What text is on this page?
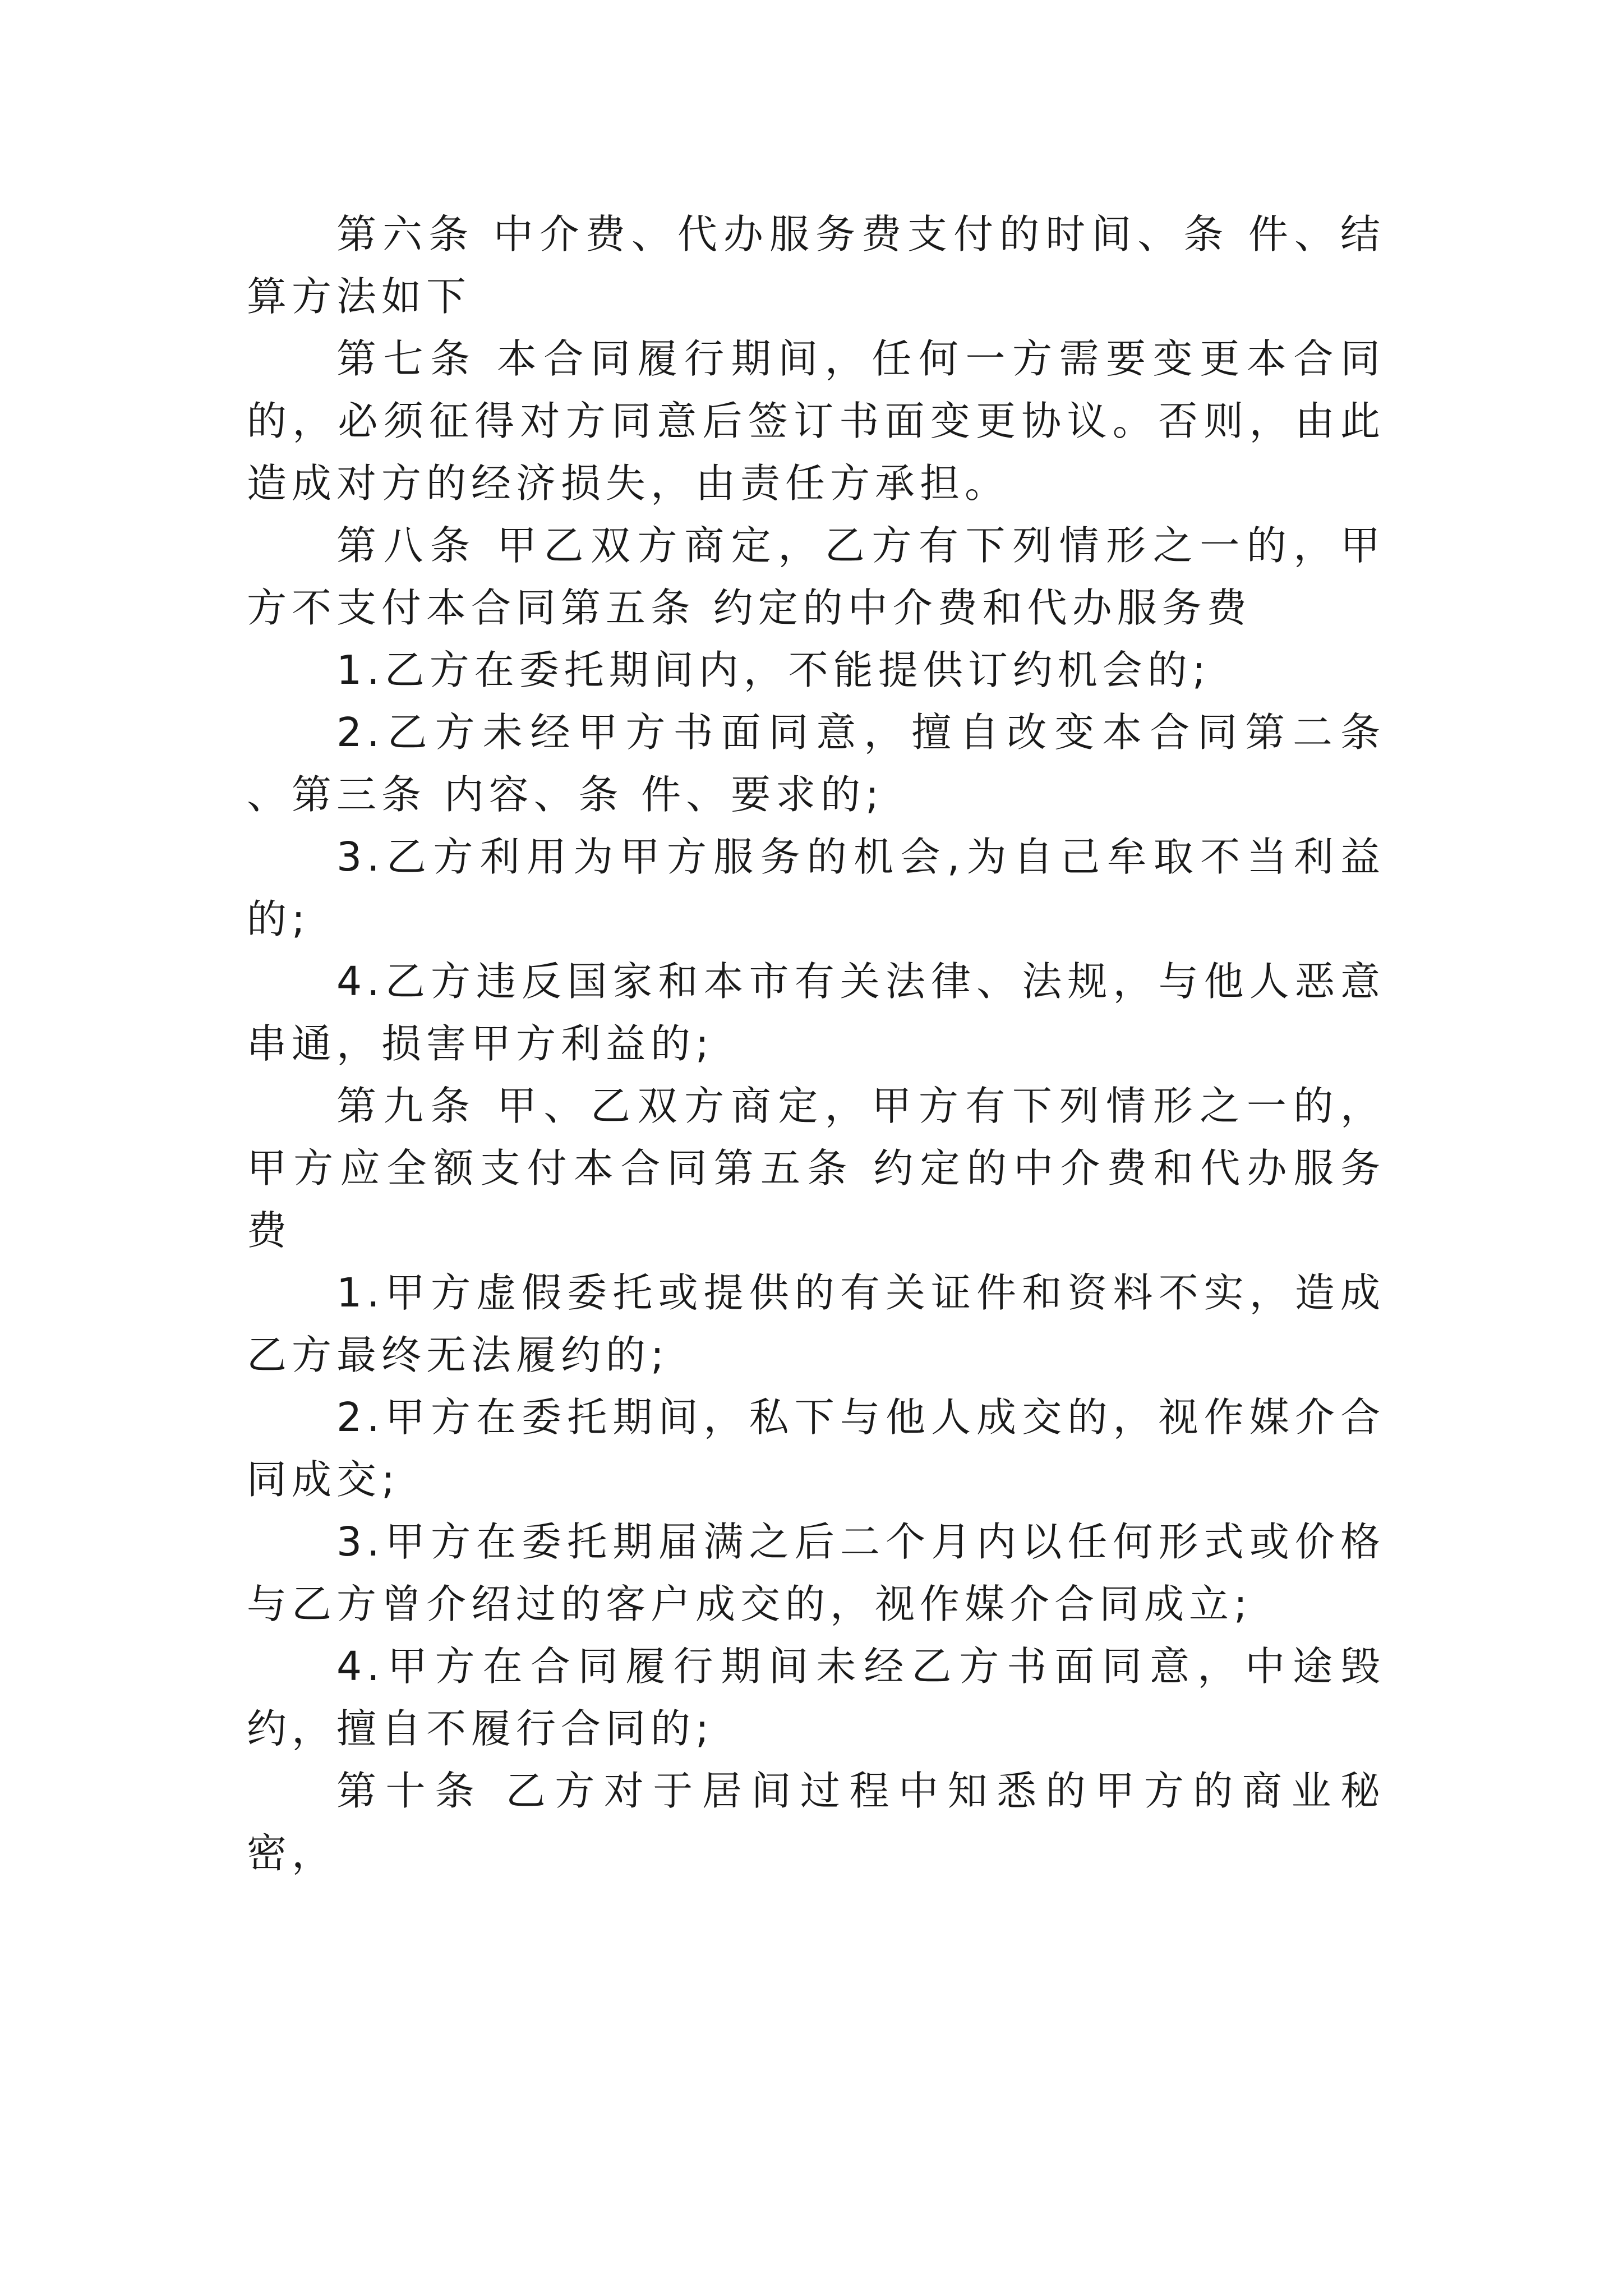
第六条 中介费、代办服务费支付的时间、条 件、结算方法如下

第七条 本合同履行期间，任何一方需要变更本合同的，必须征得对方同意后签订书面变更协议。否则，由此造成对方的经济损失，由责任方承担。

第八条 甲乙双方商定，乙方有下列情形之一的，甲方不支付本合同第五条 约定的中介费和代办服务费

1.乙方在委托期间内，不能提供订约机会的;

2.乙方未经甲方书面同意，擅自改变本合同第二条 、第三条 内容、条 件、要求的;

3.乙方利用为甲方服务的机会,为自己牟取不当利益的;

4.乙方违反国家和本市有关法律、法规，与他人恶意串通，损害甲方利益的;

第九条 甲、乙双方商定，甲方有下列情形之一的，甲方应全额支付本合同第五条 约定的中介费和代办服务费

1.甲方虚假委托或提供的有关证件和资料不实，造成乙方最终无法履约的;

2.甲方在委托期间，私下与他人成交的，视作媒介合同成交;

3.甲方在委托期届满之后二个月内以任何形式或价格与乙方曾介绍过的客户成交的，视作媒介合同成立;

4.甲方在合同履行期间未经乙方书面同意，中途毁约，擅自不履行合同的;

第十条 乙方对于居间过程中知悉的甲方的商业秘密，
